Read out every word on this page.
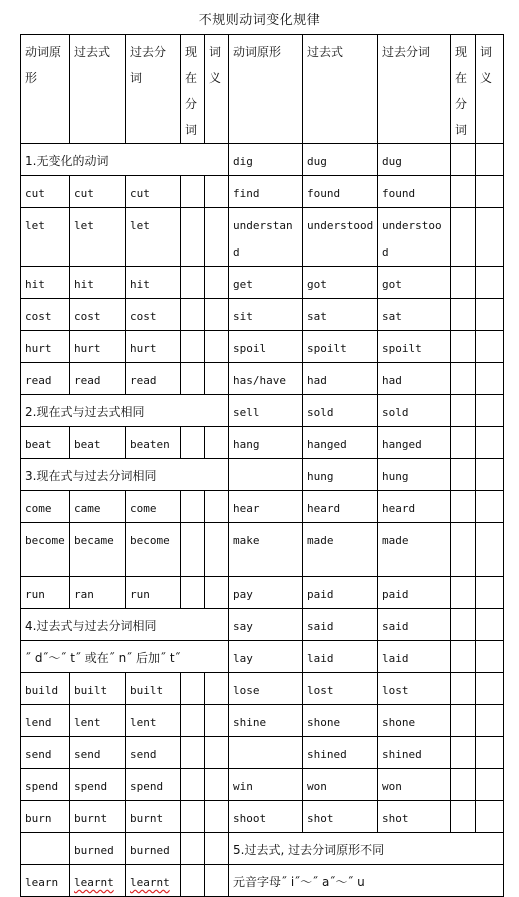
不规则动词变化规律
动词原形	过去式	过去分词	现在分词	词义	动词原形	过去式	过去分词	现在分词	词义
1.无变化的动词					dig	dug	dug		
cut	cut	cut			find	found	found		
let	let	let			understand	understood	understood		
hit	hit	hit			get	got	got		
cost	cost	cost			sit	sat	sat		
hurt	hurt	hurt			spoil	spoilt	spoilt		
read	read	read			has/have	had	had		
2.现在式与过去式相同					sell	sold	sold		
beat	beat	beaten			hang	hanged	hanged		
3.现在式与过去分词相同						hung	hung		
come	came	come			hear	heard	heard		
become	became	become			make	made	made		
run	ran	run			pay	paid	paid		
4.过去式与过去分词相同					say	said	said		
˝ d˝～˝ t˝ 或在˝ n˝ 后加˝ t˝					lay	laid	laid		
build	built	built			lose	lost	lost		
lend	lent	lent			shine	shone	shone		
send	send	send				shined	shined		
spend	spend	spend			win	won	won		
burn	burnt	burnt			shoot	shot	shot		
	burned	burned			5.过去式, 过去分词原形不同				
learn	learnt	learnt			元音字母˝ i˝～˝ a˝～˝ u				
